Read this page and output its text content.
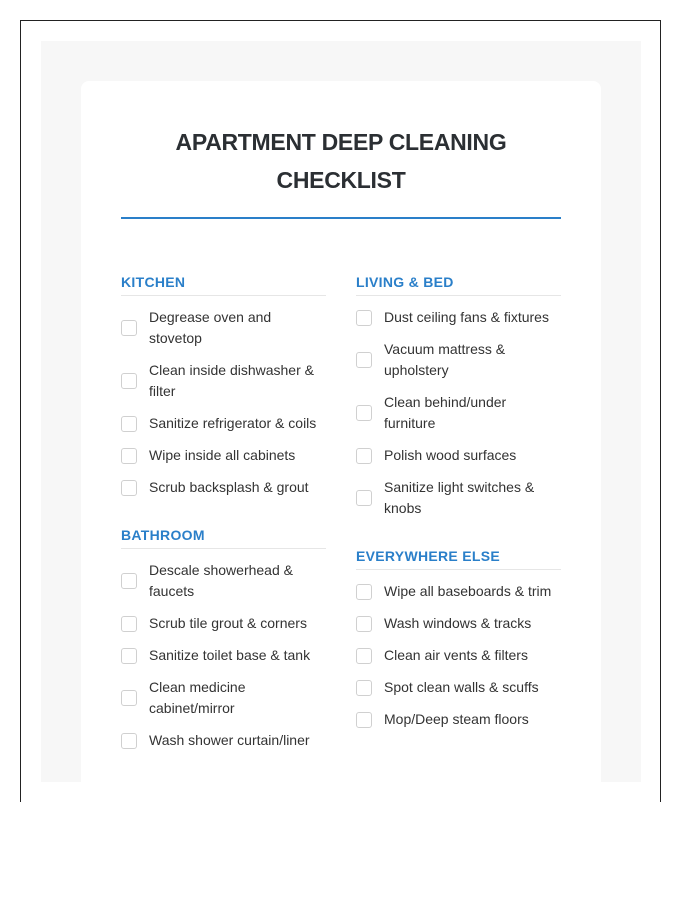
APARTMENT DEEP CLEANING
CHECKLIST
KITCHEN
Degrease oven and stovetop
Clean inside dishwasher & filter
Sanitize refrigerator & coils
Wipe inside all cabinets
Scrub backsplash & grout
BATHROOM
Descale showerhead & faucets
Scrub tile grout & corners
Sanitize toilet base & tank
Clean medicine cabinet/mirror
Wash shower curtain/liner
LIVING & BED
Dust ceiling fans & fixtures
Vacuum mattress & upholstery
Clean behind/under furniture
Polish wood surfaces
Sanitize light switches & knobs
EVERYWHERE ELSE
Wipe all baseboards & trim
Wash windows & tracks
Clean air vents & filters
Spot clean walls & scuffs
Mop/Deep steam floors
